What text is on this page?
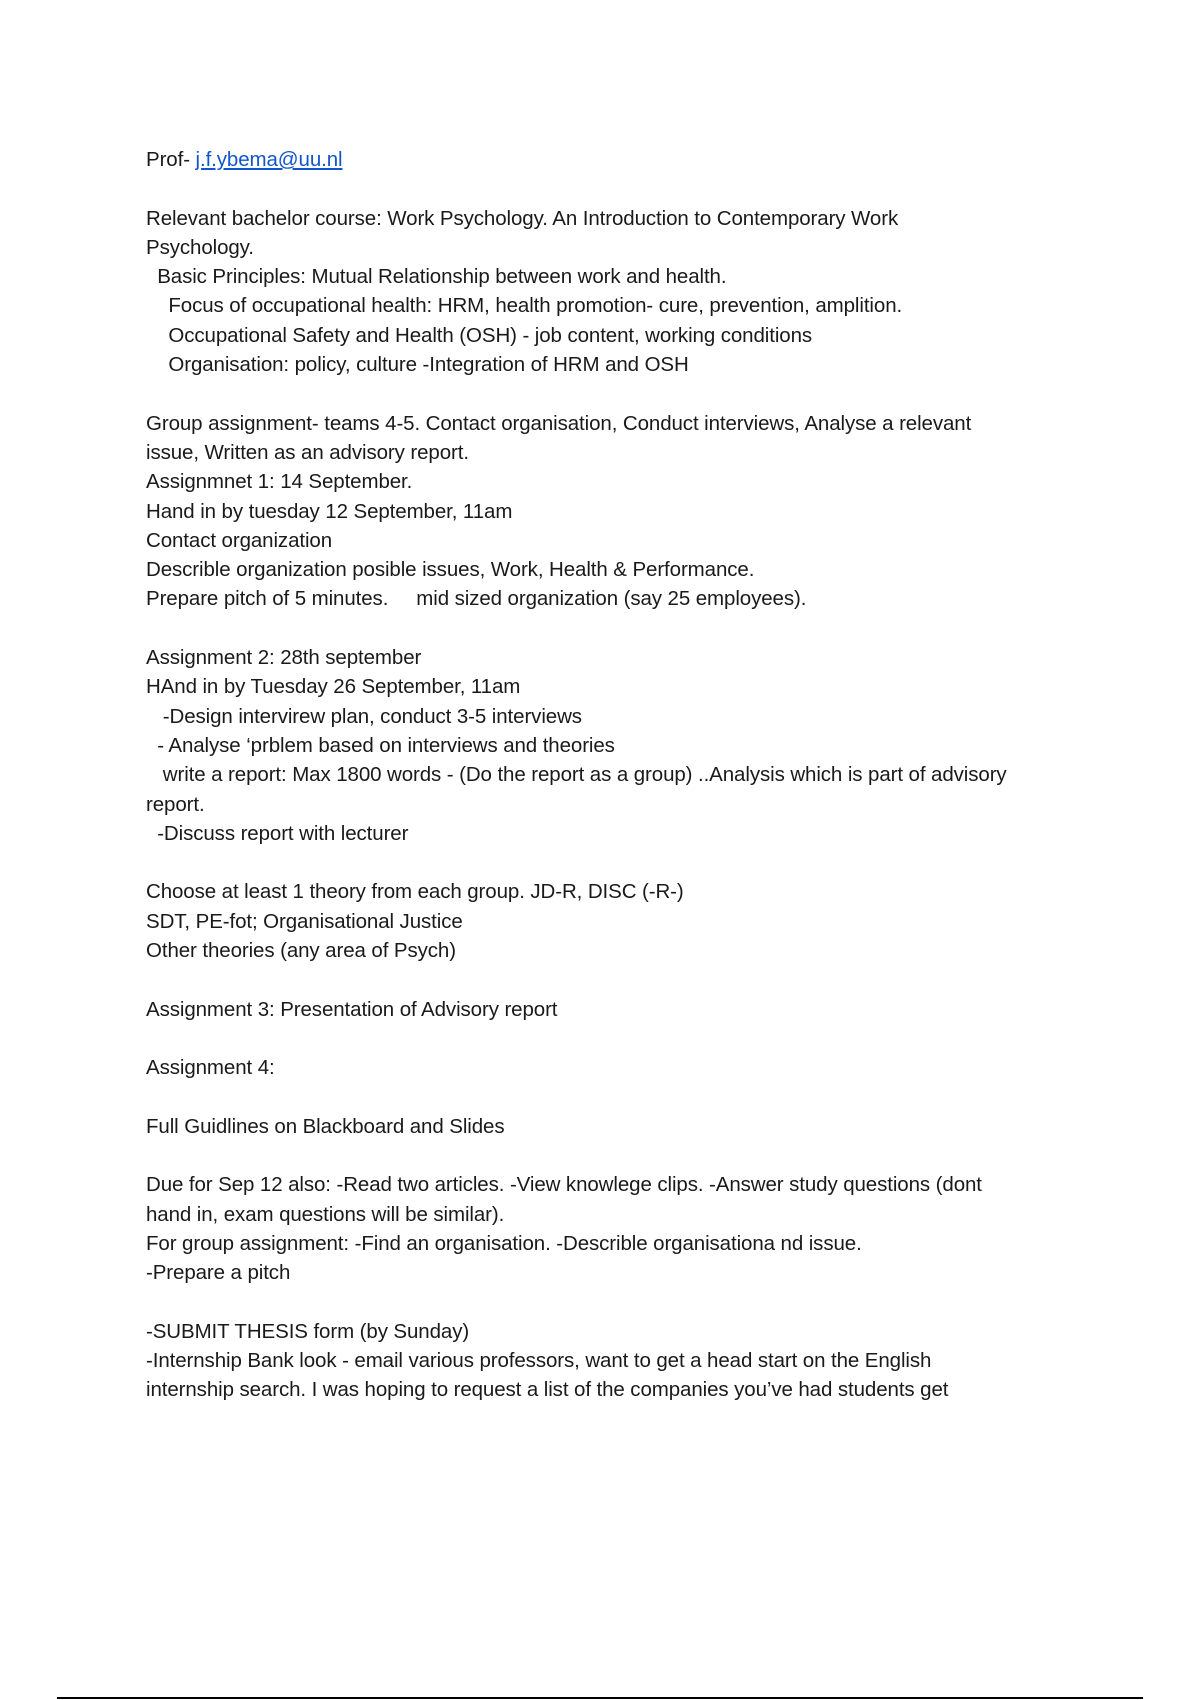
Prof- j.f.ybema@uu.nl
Relevant bachelor course: Work Psychology. An Introduction to Contemporary Work
Psychology.
Basic Principles: Mutual Relationship between work and health.
Focus of occupational health: HRM, health promotion- cure, prevention, amplition.
Occupational Safety and Health (OSH) - job content, working conditions
Organisation: policy, culture -Integration of HRM and OSH
Group assignment- teams 4-5. Contact organisation, Conduct interviews, Analyse a relevant
issue, Written as an advisory report.
Assignmnet 1: 14 September.
Hand in by tuesday 12 September, 11am
Contact organization
Describle organization posible issues, Work, Health & Performance.
Prepare pitch of 5 minutes.     mid sized organization (say 25 employees).
Assignment 2: 28th september
HAnd in by Tuesday 26 September, 11am
-Design intervirew plan, conduct 3-5 interviews
- Analyse ‘prblem based on interviews and theories
write a report: Max 1800 words - (Do the report as a group) ..Analysis which is part of advisory
report.
-Discuss report with lecturer
Choose at least 1 theory from each group. JD-R, DISC (-R-)
SDT, PE-fot; Organisational Justice
Other theories (any area of Psych)
Assignment 3: Presentation of Advisory report
Assignment 4:
Full Guidlines on Blackboard and Slides
Due for Sep 12 also: -Read two articles. -View knowlege clips. -Answer study questions (dont
hand in, exam questions will be similar).
For group assignment: -Find an organisation. -Describle organisationa nd issue.
-Prepare a pitch
-SUBMIT THESIS form (by Sunday)
-Internship Bank look - email various professors, want to get a head start on the English
internship search. I was hoping to request a list of the companies you’ve had students get
